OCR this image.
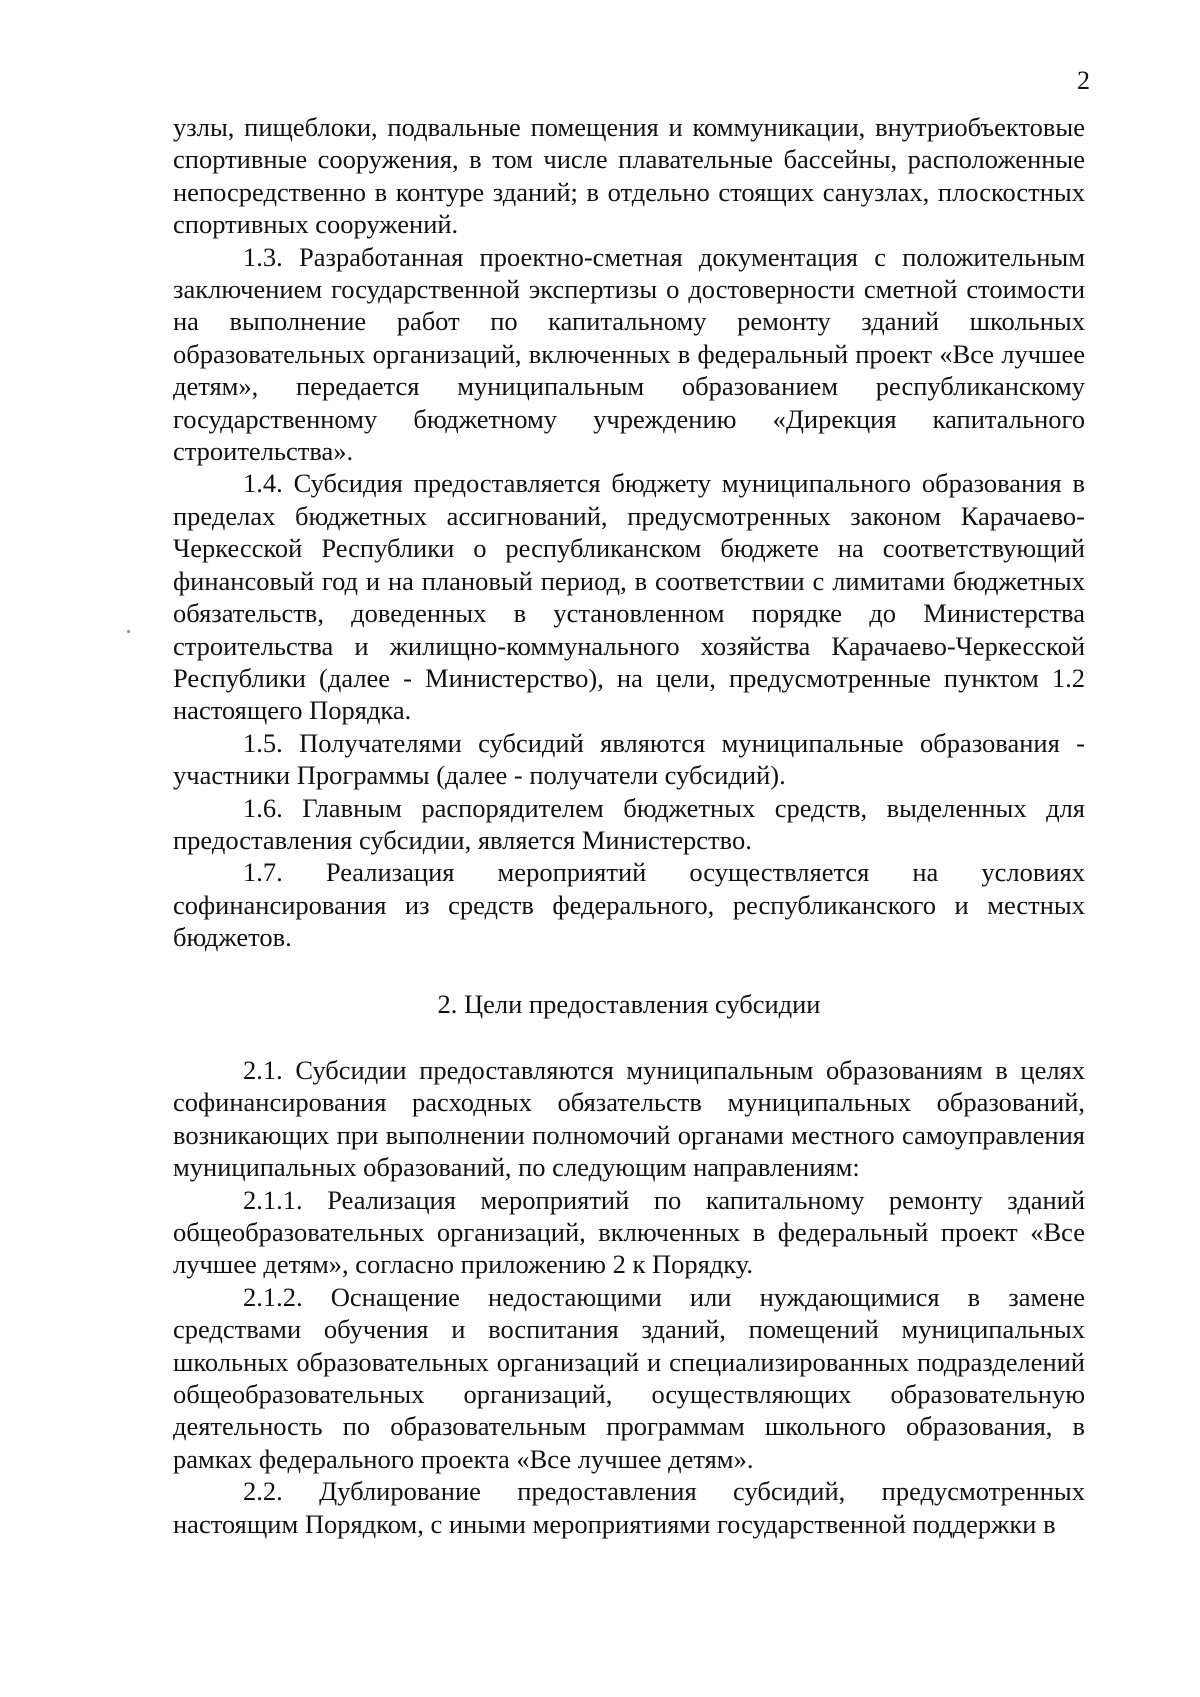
2

узлы, пищеблоки, подвальные помещения и коммуникации, внутриобъектовые спортивные сооружения, в том числе плавательные бассейны, расположенные непосредственно в контуре зданий; в отдельно стоящих санузлах, плоскостных спортивных сооружений.

1.3. Разработанная проектно-сметная документация с положительным заключением государственной экспертизы о достоверности сметной стоимости на выполнение работ по капитальному ремонту зданий школьных образовательных организаций, включенных в федеральный проект «Все лучшее детям», передается муниципальным образованием республиканскому государственному бюджетному учреждению «Дирекция капитального строительства».

1.4. Субсидия предоставляется бюджету муниципального образования в пределах бюджетных ассигнований, предусмотренных законом Карачаево-Черкесской Республики о республиканском бюджете на соответствующий финансовый год и на плановый период, в соответствии с лимитами бюджетных обязательств, доведенных в установленном порядке до Министерства строительства и жилищно-коммунального хозяйства Карачаево-Черкесской Республики (далее - Министерство), на цели, предусмотренные пунктом 1.2 настоящего Порядка.

1.5. Получателями субсидий являются муниципальные образования - участники Программы (далее - получатели субсидий).

1.6. Главным распорядителем бюджетных средств, выделенных для предоставления субсидии, является Министерство.

1.7. Реализация мероприятий осуществляется на условиях софинансирования из средств федерального, республиканского и местных бюджетов.

2. Цели предоставления субсидии

2.1. Субсидии предоставляются муниципальным образованиям в целях софинансирования расходных обязательств муниципальных образований, возникающих при выполнении полномочий органами местного самоуправления муниципальных образований, по следующим направлениям:

2.1.1. Реализация мероприятий по капитальному ремонту зданий общеобразовательных организаций, включенных в федеральный проект «Все лучшее детям», согласно приложению 2 к Порядку.

2.1.2. Оснащение недостающими или нуждающимися в замене средствами обучения и воспитания зданий, помещений муниципальных школьных образовательных организаций и специализированных подразделений общеобразовательных организаций, осуществляющих образовательную деятельность по образовательным программам школьного образования, в рамках федерального проекта «Все лучшее детям».

2.2. Дублирование предоставления субсидий, предусмотренных настоящим Порядком, с иными мероприятиями государственной поддержки в
